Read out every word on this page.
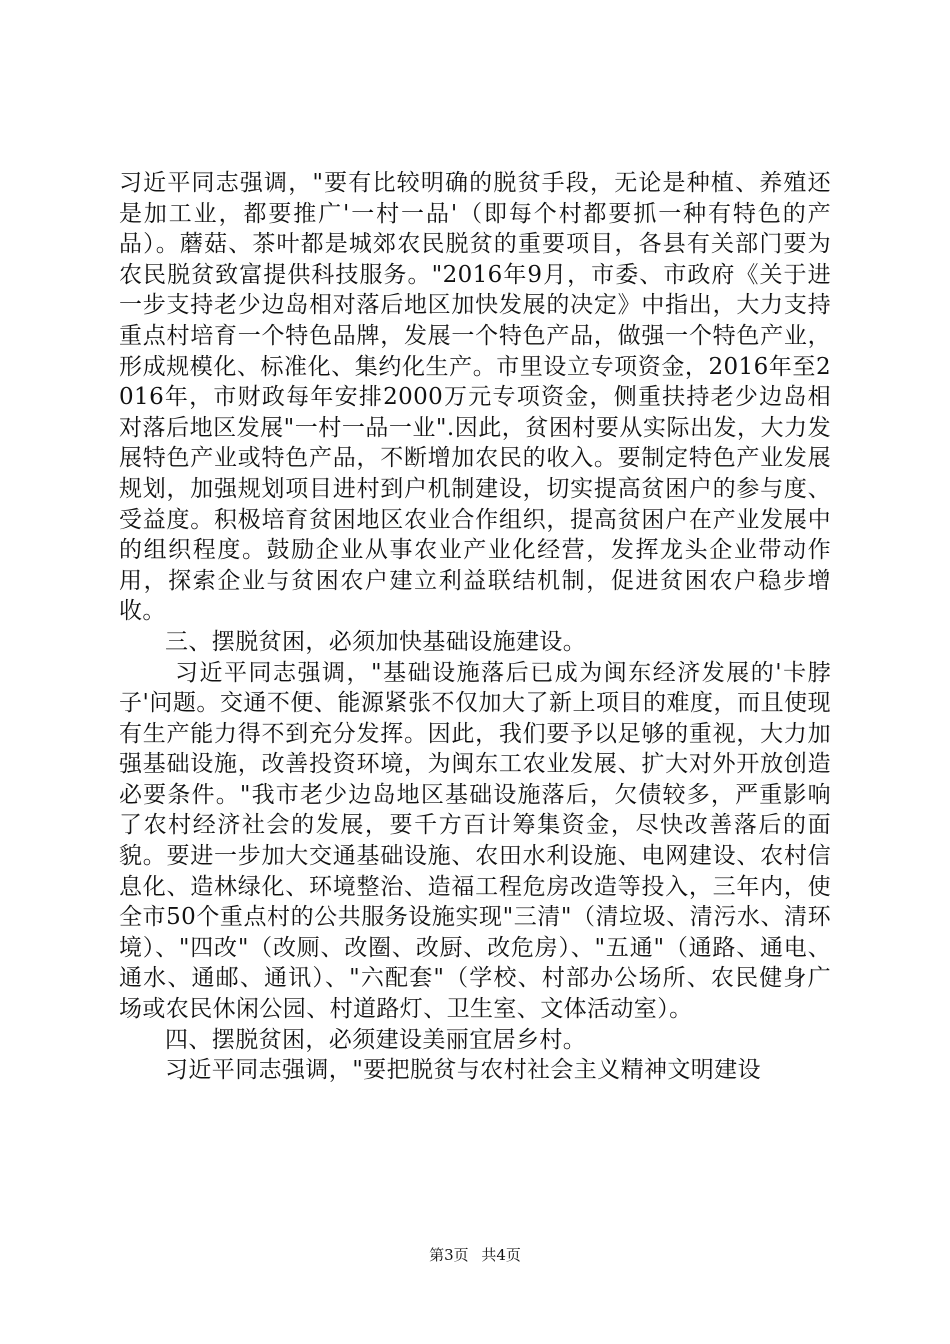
习近平同志强调，"要有比较明确的脱贫手段，无论是种植、养殖还是加工业，都要推广'一村一品'（即每个村都要抓一种有特色的产品）。蘑菇、茶叶都是城郊农民脱贫的重要项目，各县有关部门要为农民脱贫致富提供科技服务。"2016年9月，市委、市政府《关于进一步支持老少边岛相对落后地区加快发展的决定》中指出，大力支持重点村培育一个特色品牌，发展一个特色产品，做强一个特色产业，形成规模化、标准化、集约化生产。市里设立专项资金，2016年至2016年，市财政每年安排2000万元专项资金，侧重扶持老少边岛相对落后地区发展"一村一品一业".因此，贫困村要从实际出发，大力发展特色产业或特色产品，不断增加农民的收入。要制定特色产业发展规划，加强规划项目进村到户机制建设，切实提高贫困户的参与度、受益度。积极培育贫困地区农业合作组织，提高贫困户在产业发展中的组织程度。鼓励企业从事农业产业化经营，发挥龙头企业带动作用，探索企业与贫困农户建立利益联结机制，促进贫困农户稳步增收。

三、摆脱贫困，必须加快基础设施建设。

习近平同志强调，"基础设施落后已成为闽东经济发展的'卡脖子'问题。交通不便、能源紧张不仅加大了新上项目的难度，而且使现有生产能力得不到充分发挥。因此，我们要予以足够的重视，大力加强基础设施，改善投资环境，为闽东工农业发展、扩大对外开放创造必要条件。"我市老少边岛地区基础设施落后，欠债较多，严重影响了农村经济社会的发展，要千方百计筹集资金，尽快改善落后的面貌。要进一步加大交通基础设施、农田水利设施、电网建设、农村信息化、造林绿化、环境整治、造福工程危房改造等投入，三年内，使全市50个重点村的公共服务设施实现"三清"（清垃圾、清污水、清环境）、"四改"（改厕、改圈、改厨、改危房）、"五通"（通路、通电、通水、通邮、通讯）、"六配套"（学校、村部办公场所、农民健身广场或农民休闲公园、村道路灯、卫生室、文体活动室）。

四、摆脱贫困，必须建设美丽宜居乡村。

习近平同志强调，"要把脱贫与农村社会主义精神文明建设

第3页 共4页
